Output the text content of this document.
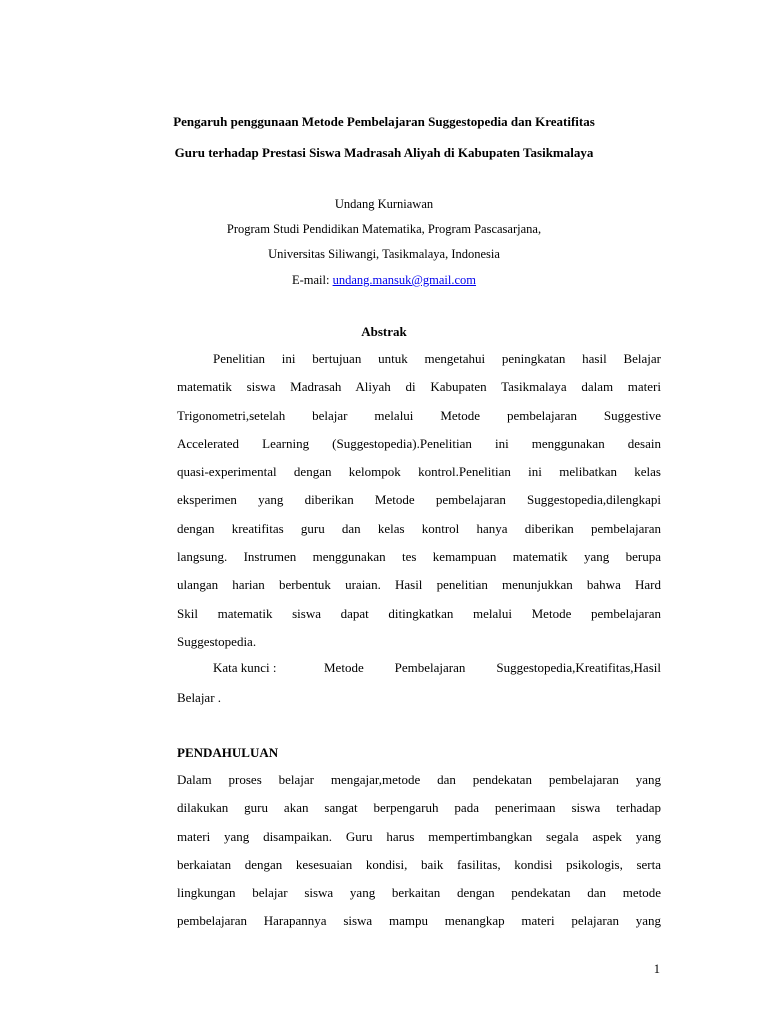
Pengaruh penggunaan Metode Pembelajaran Suggestopedia dan Kreatifitas
Guru terhadap Prestasi Siswa Madrasah Aliyah di Kabupaten Tasikmalaya
Undang Kurniawan
Program Studi Pendidikan Matematika, Program Pascasarjana,
Universitas Siliwangi, Tasikmalaya, Indonesia
E-mail: undang.mansuk@gmail.com
Abstrak
Penelitian ini bertujuan untuk mengetahui peningkatan hasil Belajar
matematik siswa Madrasah Aliyah di Kabupaten Tasikmalaya dalam materi
Trigonometri,setelah belajar melalui Metode pembelajaran Suggestive
Accelerated Learning (Suggestopedia).Penelitian ini menggunakan desain
quasi-experimental dengan kelompok kontrol.Penelitian ini melibatkan kelas
eksperimen yang diberikan Metode pembelajaran Suggestopedia,dilengkapi
dengan kreatifitas guru dan kelas kontrol hanya diberikan pembelajaran
langsung. Instrumen menggunakan tes kemampuan matematik yang berupa
ulangan harian berbentuk uraian. Hasil penelitian menunjukkan bahwa Hard
Skil matematik siswa dapat ditingkatkan melalui Metode pembelajaran
Suggestopedia.
Kata kunci :	Metode Pembelajaran Suggestopedia,Kreatifitas,Hasil
Belajar .
PENDAHULUAN
Dalam proses belajar mengajar,metode dan pendekatan pembelajaran yang
dilakukan guru akan sangat berpengaruh pada penerimaan siswa terhadap
materi yang disampaikan. Guru harus mempertimbangkan segala aspek yang
berkaiatan dengan kesesuaian kondisi, baik fasilitas, kondisi psikologis, serta
lingkungan belajar siswa yang berkaitan dengan pendekatan dan metode
pembelajaran Harapannya siswa mampu menangkap materi pelajaran yang
1
